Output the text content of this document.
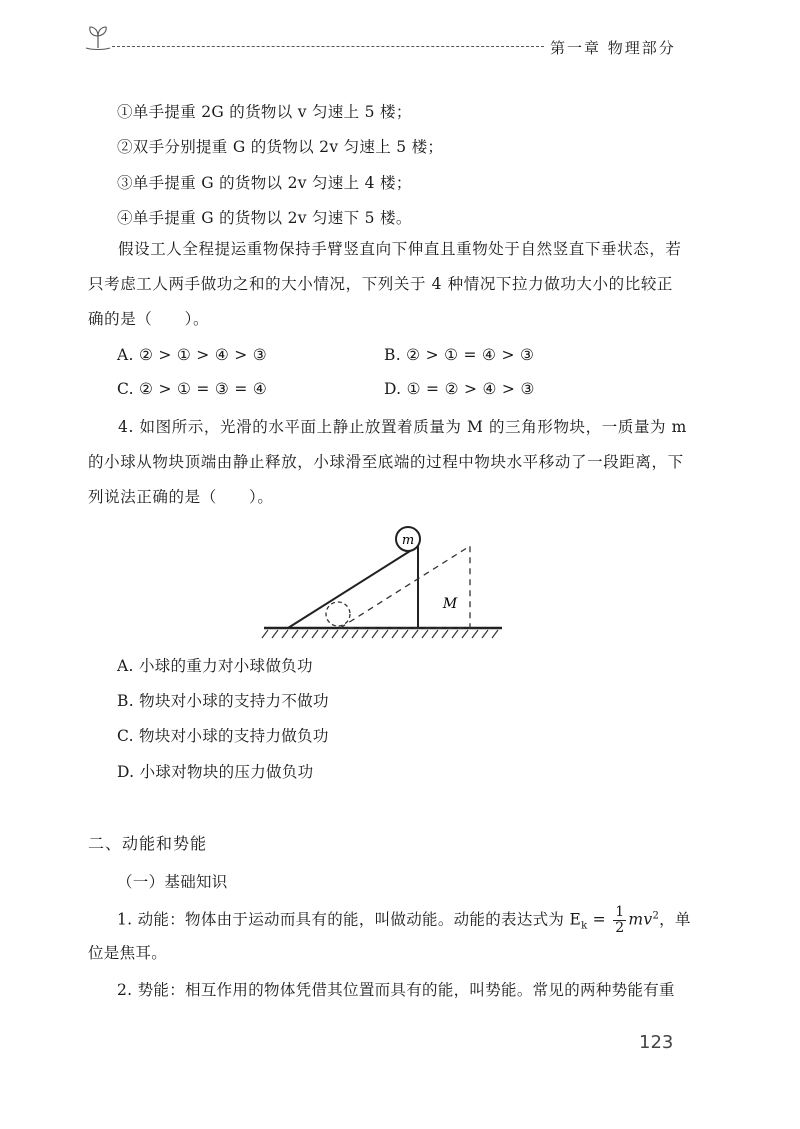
第一章 物理部分
①单手提重 2G 的货物以 v 匀速上 5 楼；
②双手分别提重 G 的货物以 2v 匀速上 5 楼；
③单手提重 G 的货物以 2v 匀速上 4 楼；
④单手提重 G 的货物以 2v 匀速下 5 楼。
假设工人全程提运重物保持手臂竖直向下伸直且重物处于自然竖直下垂状态，若只考虑工人两手做功之和的大小情况，下列关于 4 种情况下拉力做功大小的比较正确的是（　　）。
A. ② > ① > ④ > ③	B. ② > ① = ④ > ③
C. ② > ① = ③ = ④	D. ① = ② > ④ > ③
4. 如图所示，光滑的水平面上静止放置着质量为 M 的三角形物块，一质量为 m 的小球从物块顶端由静止释放，小球滑至底端的过程中物块水平移动了一段距离，下列说法正确的是（　　）。
m
M
A. 小球的重力对小球做负功
B. 物块对小球的支持力不做功
C. 物块对小球的支持力做负功
D. 小球对物块的压力做负功
二、动能和势能
（一）基础知识
1. 动能：物体由于运动而具有的能，叫做动能。动能的表达式为 $E_k = \frac{1}{2} mv^2$，单
位是焦耳。
2. 势能：相互作用的物体凭借其位置而具有的能，叫势能。常见的两种势能有重
123
